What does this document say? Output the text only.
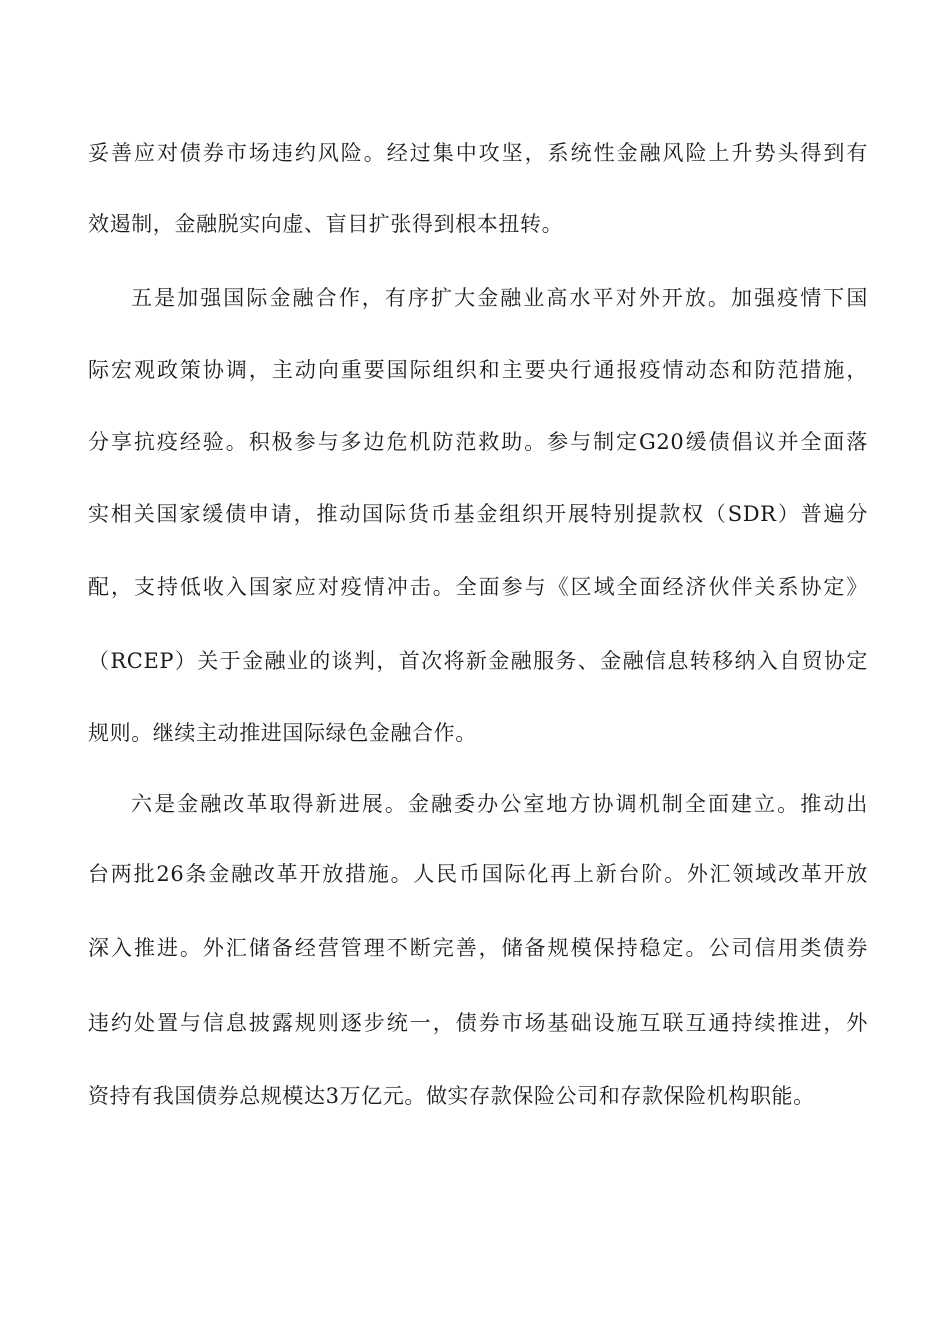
妥善应对债券市场违约风险。经过集中攻坚，系统性金融风险上升势头得到有
效遏制，金融脱实向虚、盲目扩张得到根本扭转。
五是加强国际金融合作，有序扩大金融业高水平对外开放。加强疫情下国
际宏观政策协调，主动向重要国际组织和主要央行通报疫情动态和防范措施，
分享抗疫经验。积极参与多边危机防范救助。参与制定G20缓债倡议并全面落
实相关国家缓债申请，推动国际货币基金组织开展特别提款权（SDR）普遍分
配，支持低收入国家应对疫情冲击。全面参与《区域全面经济伙伴关系协定》
（RCEP）关于金融业的谈判，首次将新金融服务、金融信息转移纳入自贸协定
规则。继续主动推进国际绿色金融合作。
六是金融改革取得新进展。金融委办公室地方协调机制全面建立。推动出
台两批26条金融改革开放措施。人民币国际化再上新台阶。外汇领域改革开放
深入推进。外汇储备经营管理不断完善，储备规模保持稳定。公司信用类债券
违约处置与信息披露规则逐步统一，债券市场基础设施互联互通持续推进，外
资持有我国债券总规模达3万亿元。做实存款保险公司和存款保险机构职能。
